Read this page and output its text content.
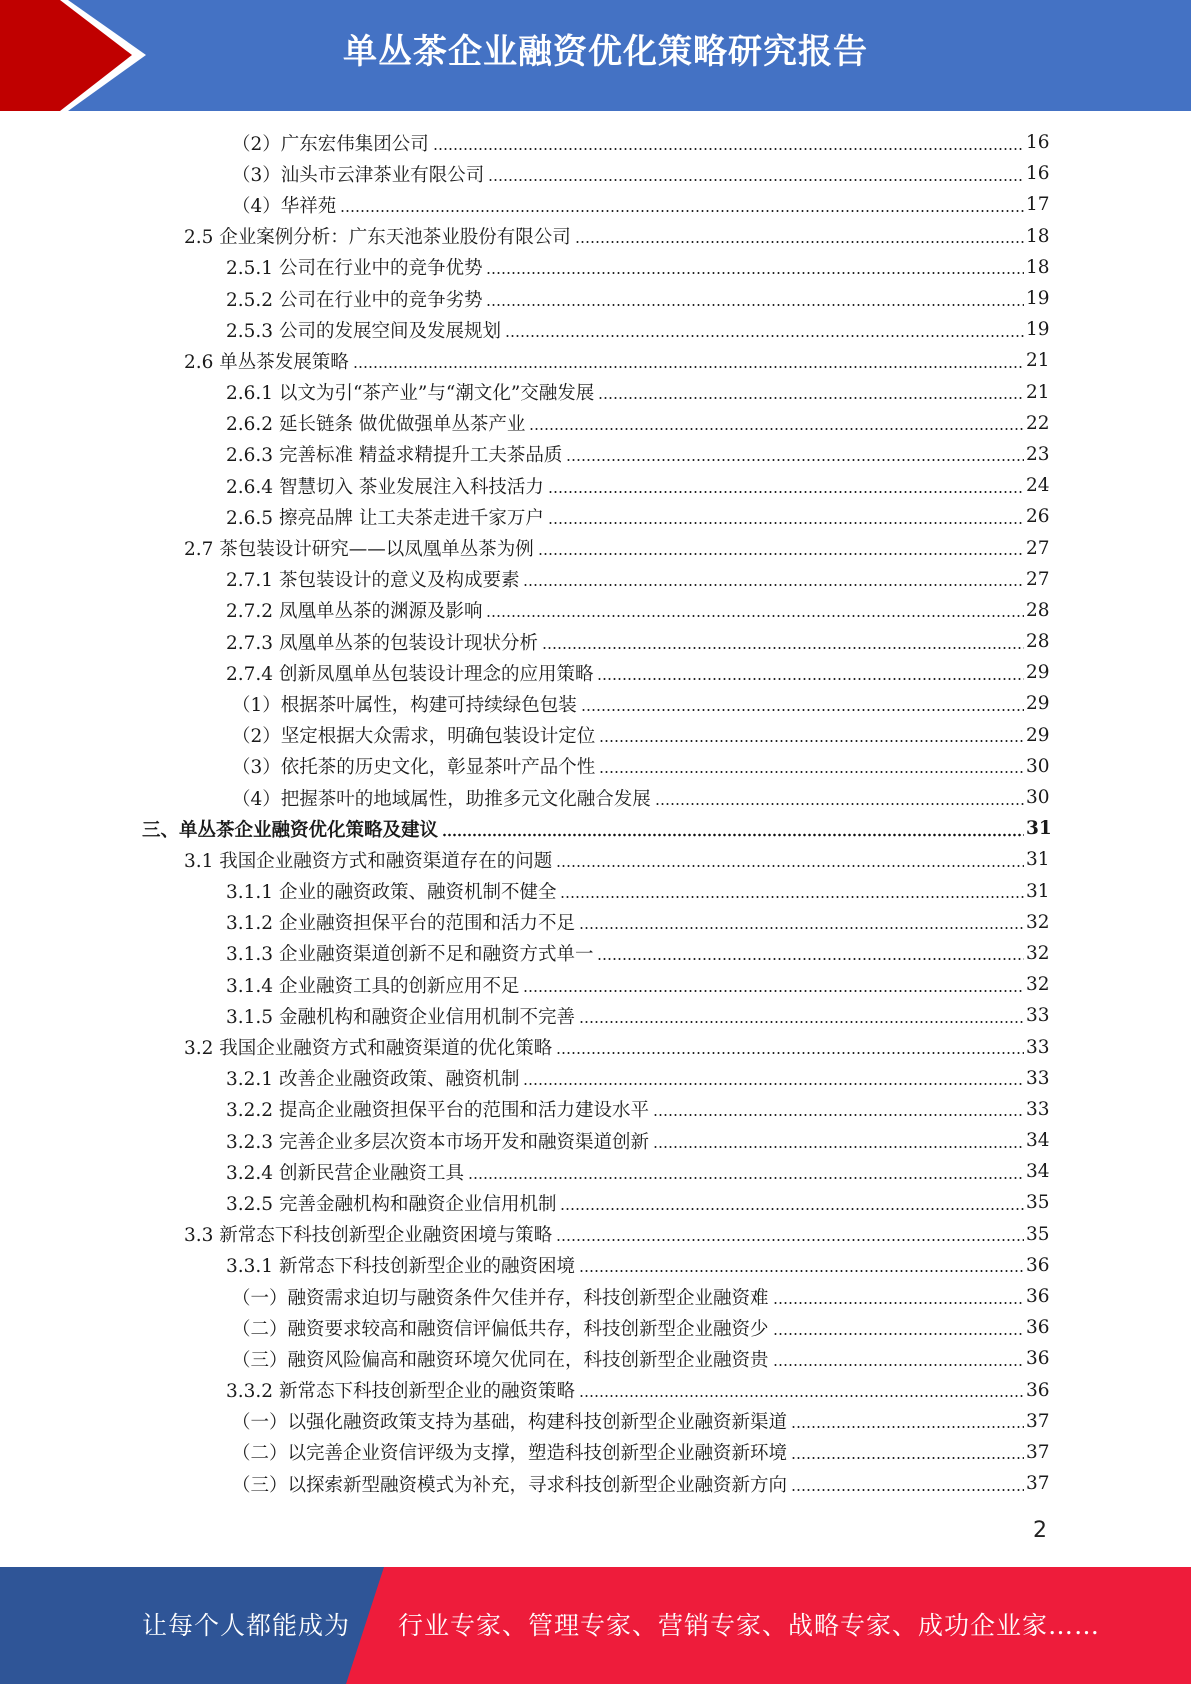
单丛茶企业融资优化策略研究报告
（2）广东宏伟集团公司	16
（3）汕头市云津茶业有限公司	16
（4）华祥苑	17
2.5 企业案例分析：广东天池茶业股份有限公司	18
2.5.1 公司在行业中的竞争优势	18
2.5.2 公司在行业中的竞争劣势	19
2.5.3 公司的发展空间及发展规划	19
2.6 单丛茶发展策略	21
2.6.1 以文为引“茶产业”与“潮文化”交融发展	21
2.6.2 延长链条 做优做强单丛茶产业	22
2.6.3 完善标准 精益求精提升工夫茶品质	23
2.6.4 智慧切入 茶业发展注入科技活力	24
2.6.5 擦亮品牌 让工夫茶走进千家万户	26
2.7 茶包装设计研究——以凤凰单丛茶为例	27
2.7.1 茶包装设计的意义及构成要素	27
2.7.2 凤凰单丛茶的渊源及影响	28
2.7.3 凤凰单丛茶的包装设计现状分析	28
2.7.4 创新凤凰单丛包装设计理念的应用策略	29
（1）根据茶叶属性，构建可持续绿色包装	29
（2）坚定根据大众需求，明确包装设计定位	29
（3）依托茶的历史文化，彰显茶叶产品个性	30
（4）把握茶叶的地域属性，助推多元文化融合发展	30
三、单丛茶企业融资优化策略及建议	31
3.1 我国企业融资方式和融资渠道存在的问题	31
3.1.1 企业的融资政策、融资机制不健全	31
3.1.2 企业融资担保平台的范围和活力不足	32
3.1.3 企业融资渠道创新不足和融资方式单一	32
3.1.4 企业融资工具的创新应用不足	32
3.1.5 金融机构和融资企业信用机制不完善	33
3.2 我国企业融资方式和融资渠道的优化策略	33
3.2.1 改善企业融资政策、融资机制	33
3.2.2 提高企业融资担保平台的范围和活力建设水平	33
3.2.3 完善企业多层次资本市场开发和融资渠道创新	34
3.2.4 创新民营企业融资工具	34
3.2.5 完善金融机构和融资企业信用机制	35
3.3 新常态下科技创新型企业融资困境与策略	35
3.3.1 新常态下科技创新型企业的融资困境	36
（一）融资需求迫切与融资条件欠佳并存，科技创新型企业融资难	36
（二）融资要求较高和融资信评偏低共存，科技创新型企业融资少	36
（三）融资风险偏高和融资环境欠优同在，科技创新型企业融资贵	36
3.3.2 新常态下科技创新型企业的融资策略	36
（一）以强化融资政策支持为基础，构建科技创新型企业融资新渠道	37
（二）以完善企业资信评级为支撑，塑造科技创新型企业融资新环境	37
（三）以探索新型融资模式为补充，寻求科技创新型企业融资新方向	37
2
让每个人都能成为 行业专家、管理专家、营销专家、战略专家、成功企业家……
